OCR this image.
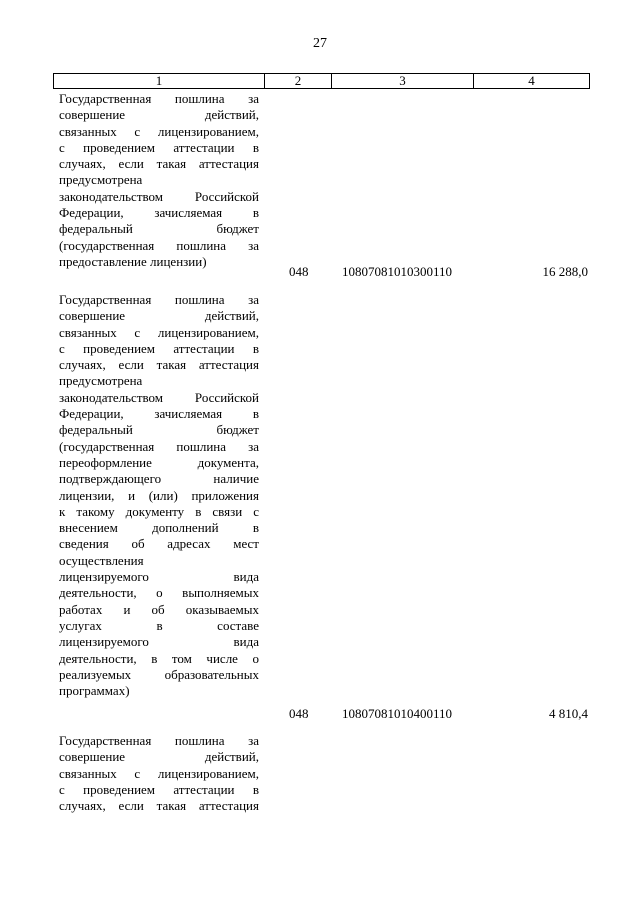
27
1	2	3	4
Государственная пошлина за
совершение действий,
связанных с лицензированием,
с проведением аттестации в
случаях, если такая аттестация
предусмотрена
законодательством Российской
Федерации, зачисляемая в
федеральный бюджет
(государственная пошлина за
предоставление лицензии)
048	10807081010300110	16 288,0
Государственная пошлина за
совершение действий,
связанных с лицензированием,
с проведением аттестации в
случаях, если такая аттестация
предусмотрена
законодательством Российской
Федерации, зачисляемая в
федеральный бюджет
(государственная пошлина за
переоформление документа,
подтверждающего наличие
лицензии, и (или) приложения
к такому документу в связи с
внесением дополнений в
сведения об адресах мест
осуществления
лицензируемого вида
деятельности, о выполняемых
работах и об оказываемых
услугах в составе
лицензируемого вида
деятельности, в том числе о
реализуемых образовательных
программах)
048	10807081010400110	4 810,4
Государственная пошлина за
совершение действий,
связанных с лицензированием,
с проведением аттестации в
случаях, если такая аттестация
